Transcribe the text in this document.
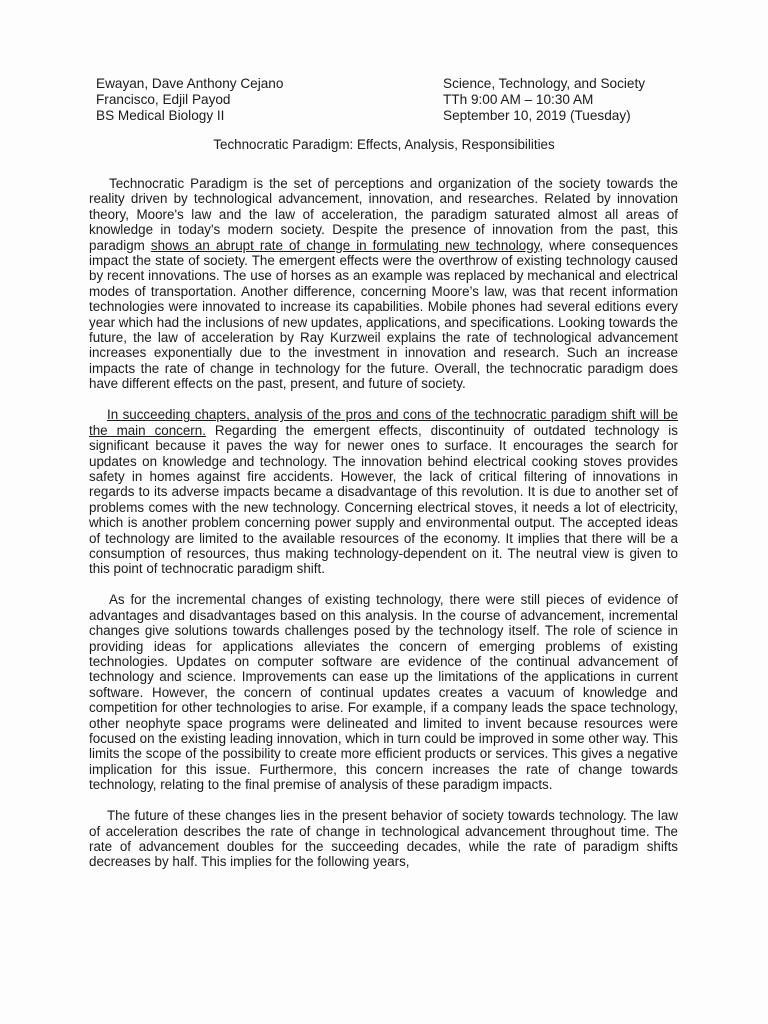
Ewayan, Dave Anthony Cejano
Francisco, Edjil Payod
BS Medical Biology II
Science, Technology, and Society
TTh 9:00 AM – 10:30 AM
September 10, 2019 (Tuesday)
Technocratic Paradigm: Effects, Analysis, Responsibilities

Technocratic Paradigm is the set of perceptions and organization of the society towards the reality driven by technological advancement, innovation, and researches. Related by innovation theory, Moore's law and the law of acceleration, the paradigm saturated almost all areas of knowledge in today's modern society. Despite the presence of innovation from the past, this paradigm shows an abrupt rate of change in formulating new technology, where consequences impact the state of society. The emergent effects were the overthrow of existing technology caused by recent innovations. The use of horses as an example was replaced by mechanical and electrical modes of transportation. Another difference, concerning Moore’s law, was that recent information technologies were innovated to increase its capabilities. Mobile phones had several editions every year which had the inclusions of new updates, applications, and specifications. Looking towards the future, the law of acceleration by Ray Kurzweil explains the rate of technological advancement increases exponentially due to the investment in innovation and research. Such an increase impacts the rate of change in technology for the future. Overall, the technocratic paradigm does have different effects on the past, present, and future of society.

In succeeding chapters, analysis of the pros and cons of the technocratic paradigm shift will be the main concern. Regarding the emergent effects, discontinuity of outdated technology is significant because it paves the way for newer ones to surface. It encourages the search for updates on knowledge and technology. The innovation behind electrical cooking stoves provides safety in homes against fire accidents. However, the lack of critical filtering of innovations in regards to its adverse impacts became a disadvantage of this revolution. It is due to another set of problems comes with the new technology. Concerning electrical stoves, it needs a lot of electricity, which is another problem concerning power supply and environmental output. The accepted ideas of technology are limited to the available resources of the economy. It implies that there will be a consumption of resources, thus making technology-dependent on it. The neutral view is given to this point of technocratic paradigm shift.

As for the incremental changes of existing technology, there were still pieces of evidence of advantages and disadvantages based on this analysis. In the course of advancement, incremental changes give solutions towards challenges posed by the technology itself. The role of science in providing ideas for applications alleviates the concern of emerging problems of existing technologies. Updates on computer software are evidence of the continual advancement of technology and science. Improvements can ease up the limitations of the applications in current software. However, the concern of continual updates creates a vacuum of knowledge and competition for other technologies to arise. For example, if a company leads the space technology, other neophyte space programs were delineated and limited to invent because resources were focused on the existing leading innovation, which in turn could be improved in some other way. This limits the scope of the possibility to create more efficient products or services. This gives a negative implication for this issue. Furthermore, this concern increases the rate of change towards technology, relating to the final premise of analysis of these paradigm impacts.

The future of these changes lies in the present behavior of society towards technology. The law of acceleration describes the rate of change in technological advancement throughout time. The rate of advancement doubles for the succeeding decades, while the rate of paradigm shifts decreases by half. This implies for the following years,
